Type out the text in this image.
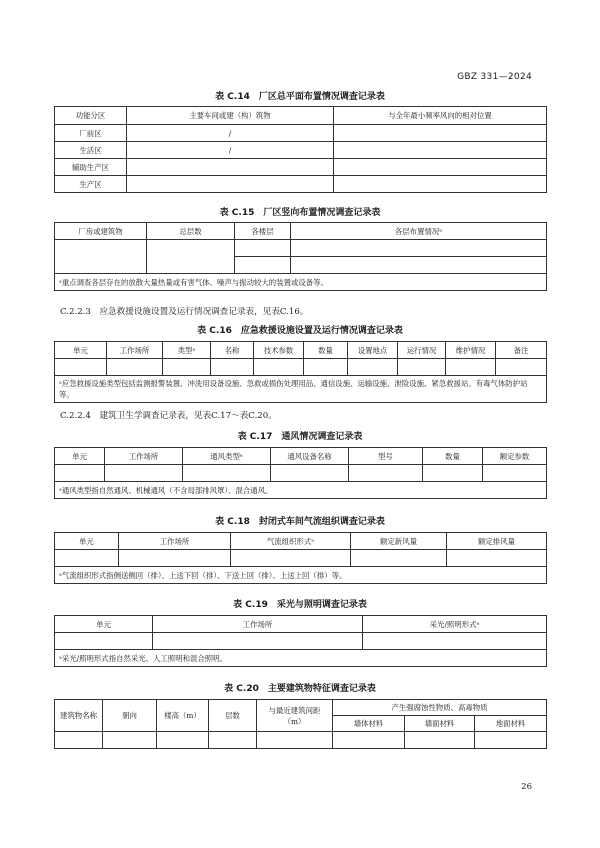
GBZ 331—2024
表 C.14　厂区总平面布置情况调查记录表
功能分区	主要车间或建（构）筑物	与全年最小频率风向的相对位置
厂前区	/	
生活区	/	
辅助生产区		
生产区		
表 C.15　厂区竖向布置情况调查记录表
厂房或建筑物	总层数	各楼层	各层布置情况ᵃ

ᵃ重点调查各层存在的放散大量热量或有害气体、噪声与振动较大的装置或设备等。			
C.2.2.3　应急救援设施设置及运行情况调查记录表，见表C.16。
表 C.16　应急救援设施设置及运行情况调查记录表
单元	工作场所	类型ᵃ	名称	技术参数	数量	设置地点	运行情况	维护情况	备注

ᵃ应急救援设施类型包括监测报警装置、冲洗用设备设施、急救或损伤处理用品、通信设施、运输设施、泄险设施、紧急救援站、有毒气体防护站等。									
C.2.2.4　建筑卫生学调查记录表，见表C.17～表C.20。
表 C.17　通风情况调查记录表
单元	工作场所	通风类型ᵃ	通风设备名称	型号	数量	额定参数

ᵃ通风类型指自然通风、机械通风（不含局部排风罩）、混合通风。						
表 C.18　封闭式车间气流组织调查记录表
单元	工作场所	气流组织形式ᵃ	额定新风量	额定排风量

ᵃ气流组织形式指侧送侧回（排）、上送下回（排）、下送上回（排）、上送上回（排）等。				
表 C.19　采光与照明调查记录表
单元	工作场所	采光/照明形式ᵃ

ᵃ采光/照明形式指自然采光、人工照明和混合照明。		
表 C.20　主要建筑物特征调查记录表
建筑物名称	朝向	楼高（m）	层数	与最近建筑间距（m）	产生强腐蚀性物质、高毒物质		
					墙体材料	墙面材料	地面材料

26
